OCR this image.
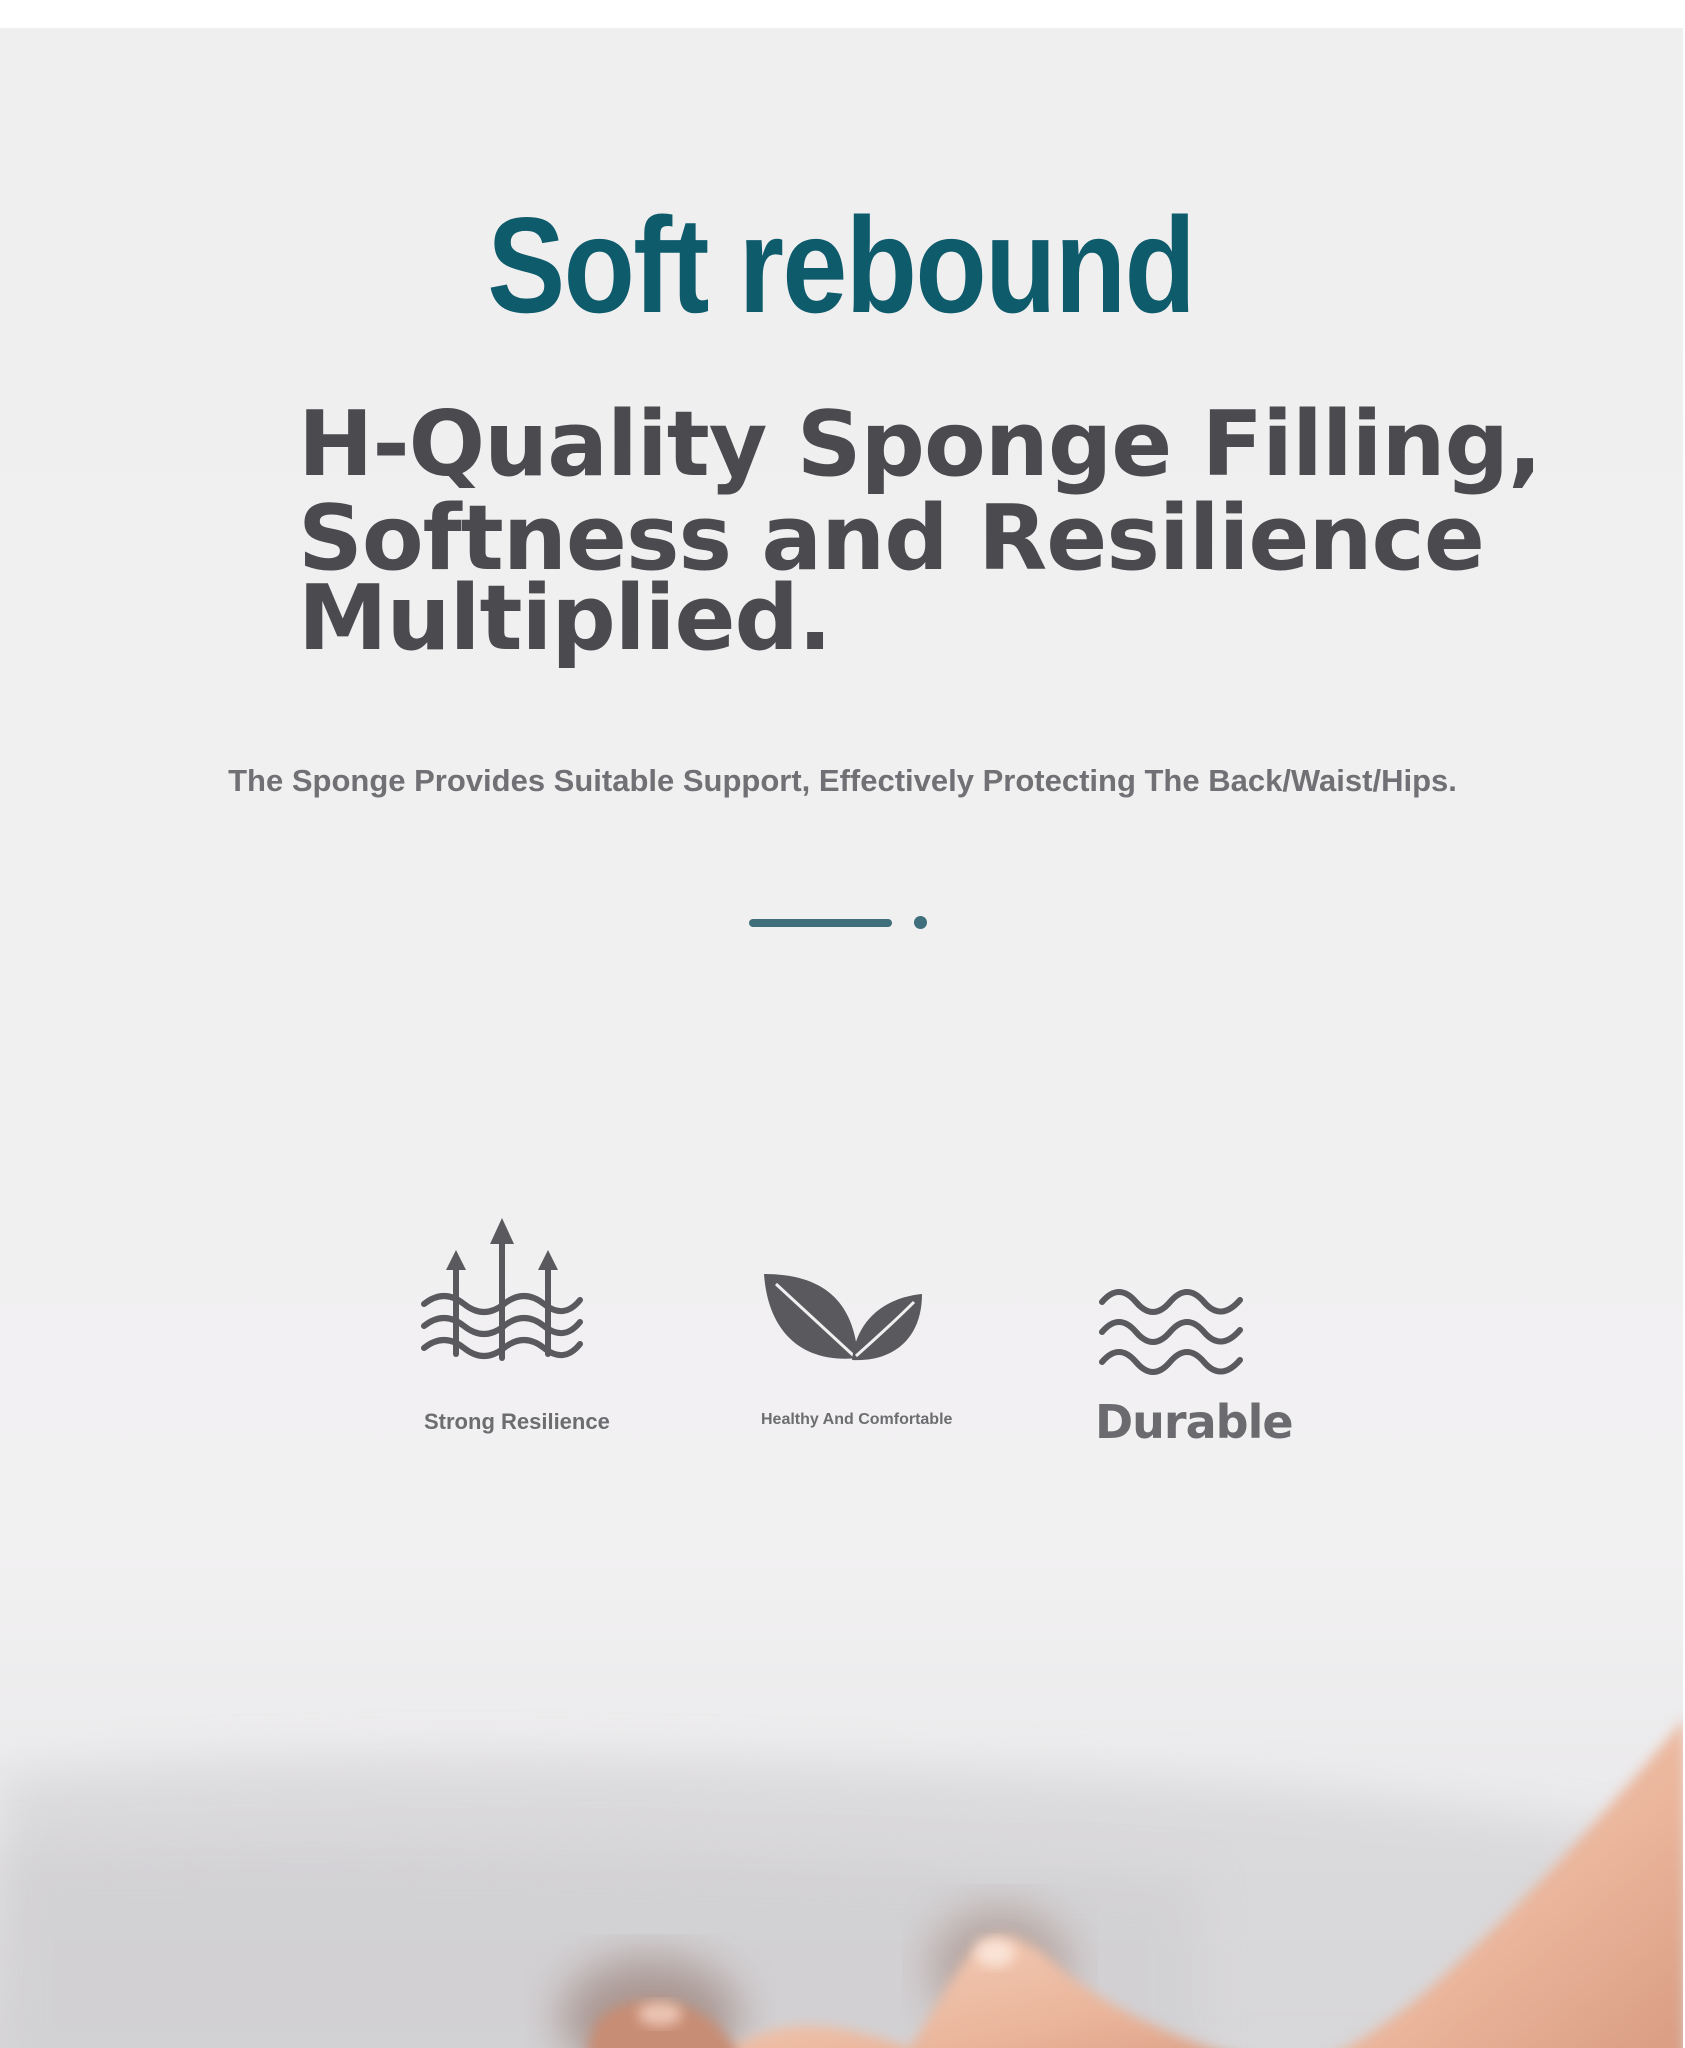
Soft rebound
H-Quality Sponge Filling,
Softness and Resilience
Multiplied.
The Sponge Provides Suitable Support, Effectively Protecting The Back/Waist/Hips.
Strong Resilience	Healthy And Comfortable	Durable
